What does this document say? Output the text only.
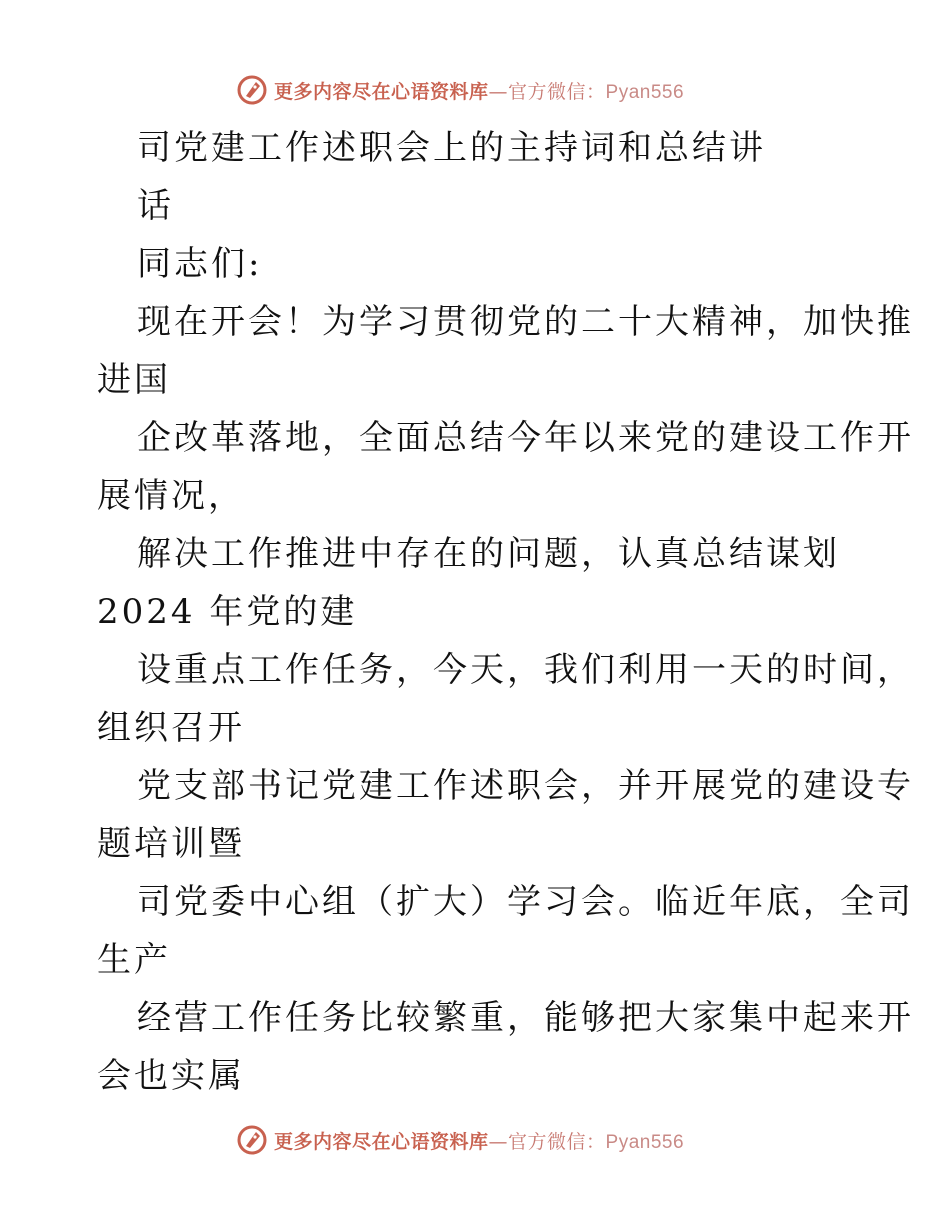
更多内容尽在心语资料库—官方微信：Pyan556
司党建工作述职会上的主持词和总结讲
话
同志们:
现在开会！为学习贯彻党的二十大精神，加快推
进国
企改革落地，全面总结今年以来党的建设工作开
展情况，
解决工作推进中存在的问题，认真总结谋划
2024 年党的建
设重点工作任务，今天，我们利用一天的时间，
组织召开
党支部书记党建工作述职会，并开展党的建设专
题培训暨
司党委中心组（扩大）学习会。临近年底，全司
生产
经营工作任务比较繁重，能够把大家集中起来开
会也实属
更多内容尽在心语资料库—官方微信：Pyan556
